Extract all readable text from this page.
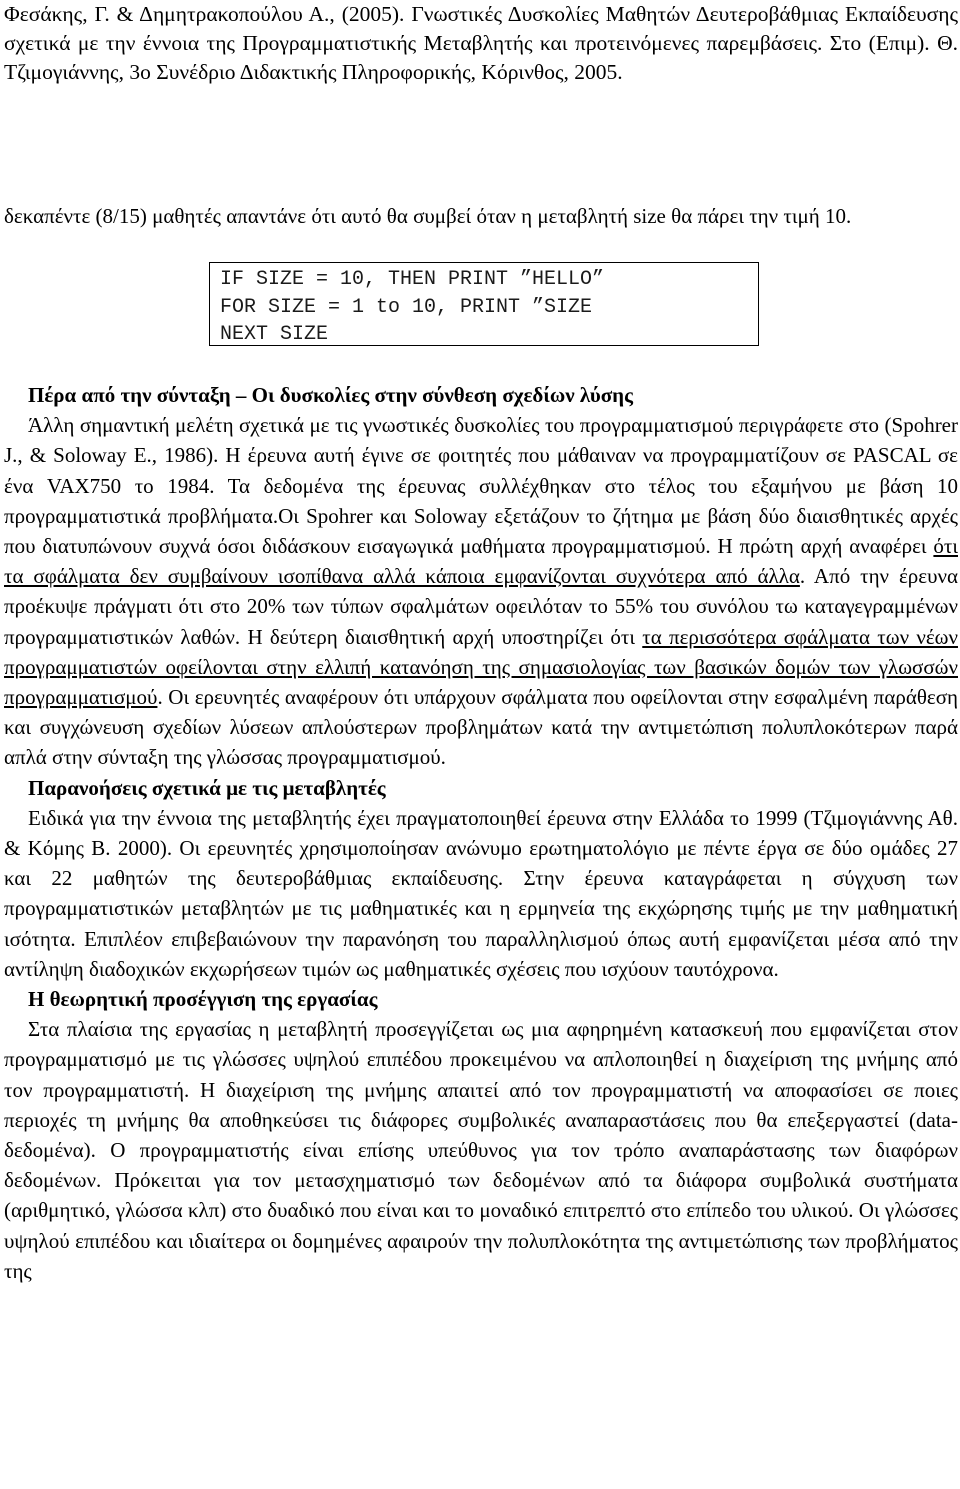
Φεσάκης, Γ. & Δημητρακοπούλου Α., (2005). Γνωστικές Δυσκολίες Μαθητών Δευτεροβάθμιας Εκπαίδευσης σχετικά με την έννοια της Προγραμματιστικής Μεταβλητής και προτεινόμενες παρεμβάσεις. Στο (Επιμ). Θ. Τζιμογιάννης, 3ο Συνέδριο Διδακτικής Πληροφορικής, Κόρινθος, 2005.

δεκαπέντε (8/15) μαθητές απαντάνε ότι αυτό θα συμβεί όταν η μεταβλητή size θα πάρει την τιμή 10.

IF SIZE = 10, THEN PRINT ”HELLO”
FOR SIZE = 1 to 10, PRINT ”SIZE
NEXT SIZE

Πέρα από την σύνταξη – Οι δυσκολίες στην σύνθεση σχεδίων λύσης

Άλλη σημαντική μελέτη σχετικά με τις γνωστικές δυσκολίες του προγραμματισμού περιγράφετε στο (Spohrer J., & Soloway E., 1986). Η έρευνα αυτή έγινε σε φοιτητές που μάθαιναν να προγραμματίζουν σε PASCAL σε ένα VAX750 το 1984. Τα δεδομένα της έρευνας συλλέχθηκαν στο τέλος του εξαμήνου με βάση 10 προγραμματιστικά προβλήματα.Οι Spohrer και Soloway εξετάζουν το ζήτημα με βάση δύο διαισθητικές αρχές που διατυπώνουν συχνά όσοι διδάσκουν εισαγωγικά μαθήματα προγραμματισμού. Η πρώτη αρχή αναφέρει ότι τα σφάλματα δεν συμβαίνουν ισοπίθανα αλλά κάποια εμφανίζονται συχνότερα από άλλα. Από την έρευνα προέκυψε πράγματι ότι στο 20% των τύπων σφαλμάτων οφειλόταν το 55% του συνόλου τω καταγεγραμμένων προγραμματιστικών λαθών. Η δεύτερη διαισθητική αρχή υποστηρίζει ότι τα περισσότερα σφάλματα των νέων προγραμματιστών οφείλονται στην ελλιπή κατανόηση της σημασιολογίας των βασικών δομών των γλωσσών προγραμματισμού. Οι ερευνητές αναφέρουν ότι υπάρχουν σφάλματα που οφείλονται στην εσφαλμένη παράθεση και συγχώνευση σχεδίων λύσεων απλούστερων προβλημάτων κατά την αντιμετώπιση πολυπλοκότερων παρά απλά στην σύνταξη της γλώσσας προγραμματισμού.

Παρανοήσεις σχετικά με τις μεταβλητές

Ειδικά για την έννοια της μεταβλητής έχει πραγματοποιηθεί έρευνα στην Ελλάδα το 1999 (Τζιμογιάννης Αθ. & Κόμης Β. 2000). Οι ερευνητές χρησιμοποίησαν ανώνυμο ερωτηματολόγιο με πέντε έργα σε δύο ομάδες 27 και 22 μαθητών της δευτεροβάθμιας εκπαίδευσης. Στην έρευνα καταγράφεται η σύγχυση των προγραμματιστικών μεταβλητών με τις μαθηματικές και η ερμηνεία της εκχώρησης τιμής με την μαθηματική ισότητα. Επιπλέον επιβεβαιώνουν την παρανόηση του παραλληλισμού όπως αυτή εμφανίζεται μέσα από την αντίληψη διαδοχικών εκχωρήσεων τιμών ως μαθηματικές σχέσεις που ισχύουν ταυτόχρονα.

Η θεωρητική προσέγγιση της εργασίας

Στα πλαίσια της εργασίας η μεταβλητή προσεγγίζεται ως μια αφηρημένη κατασκευή που εμφανίζεται στον προγραμματισμό με τις γλώσσες υψηλού επιπέδου προκειμένου να απλοποιηθεί η διαχείριση της μνήμης από τον προγραμματιστή. Η διαχείριση της μνήμης απαιτεί από τον προγραμματιστή να αποφασίσει σε ποιες περιοχές τη μνήμης θα αποθηκεύσει τις διάφορες συμβολικές αναπαραστάσεις που θα επεξεργαστεί (data-δεδομένα). Ο προγραμματιστής είναι επίσης υπεύθυνος για τον τρόπο αναπαράστασης των διαφόρων δεδομένων. Πρόκειται για τον μετασχηματισμό των δεδομένων από τα διάφορα συμβολικά συστήματα (αριθμητικό, γλώσσα κλπ) στο δυαδικό που είναι και το μοναδικό επιτρεπτό στο επίπεδο του υλικού. Οι γλώσσες υψηλού επιπέδου και ιδιαίτερα οι δομημένες αφαιρούν την πολυπλοκότητα της αντιμετώπισης των προβλήματος της
